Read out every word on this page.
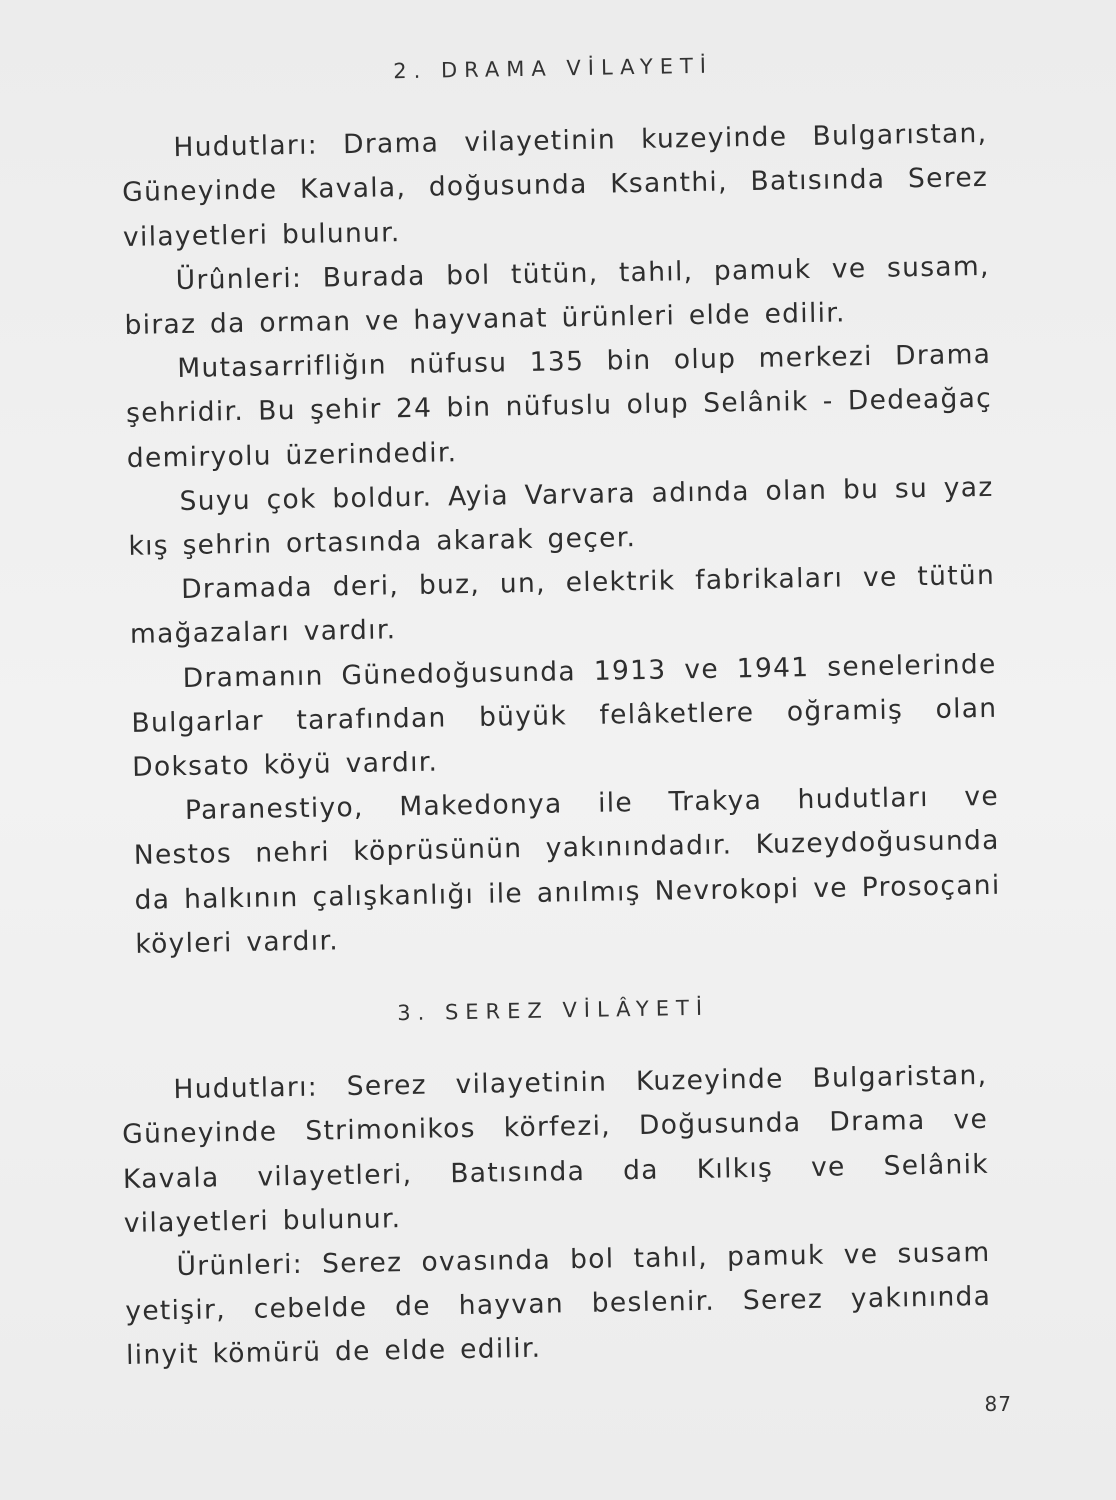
2. DRAMA VİLAYETİ

Hudutları: Drama vilayetinin kuzeyinde Bulgarıstan, Güneyinde Kavala, doğusunda Ksanthi, Batısında Serez vilayetleri bulunur.

Ürûnleri: Burada bol tütün, tahıl, pamuk ve susam, biraz da orman ve hayvanat ürünleri elde edilir.

Mutasarrifliğın nüfusu 135 bin olup merkezi Drama şehridir. Bu şehir 24 bin nüfuslu olup Selânik - Dedeağaç demiryolu üzerindedir.

Suyu çok boldur. Ayia Varvara adında olan bu su yaz kış şehrin ortasında akarak geçer.

Dramada deri, buz, un, elektrik fabrikaları ve tütün mağazaları vardır.

Dramanın Günedoğusunda 1913 ve 1941 senelerinde Bulgarlar tarafından büyük felâketlere oğramiş olan Doksato köyü vardır.

Paranestiyo, Makedonya ile Trakya hudutları ve Nestos nehri köprüsünün yakınındadır. Kuzeydoğusunda da halkının çalışkanlığı ile anılmış Nevrokopi ve Prosoçani köyleri vardır.

3. SEREZ VİLÂYETİ

Hudutları: Serez vilayetinin Kuzeyinde Bulgaristan, Güneyinde Strimonikos körfezi, Doğusunda Drama ve Kavala vilayetleri, Batısında da Kılkış ve Selânik vilayetleri bulunur.

Ürünleri: Serez ovasında bol tahıl, pamuk ve susam yetişir, cebelde de hayvan beslenir. Serez yakınında linyit kömürü de elde edilir.

87
